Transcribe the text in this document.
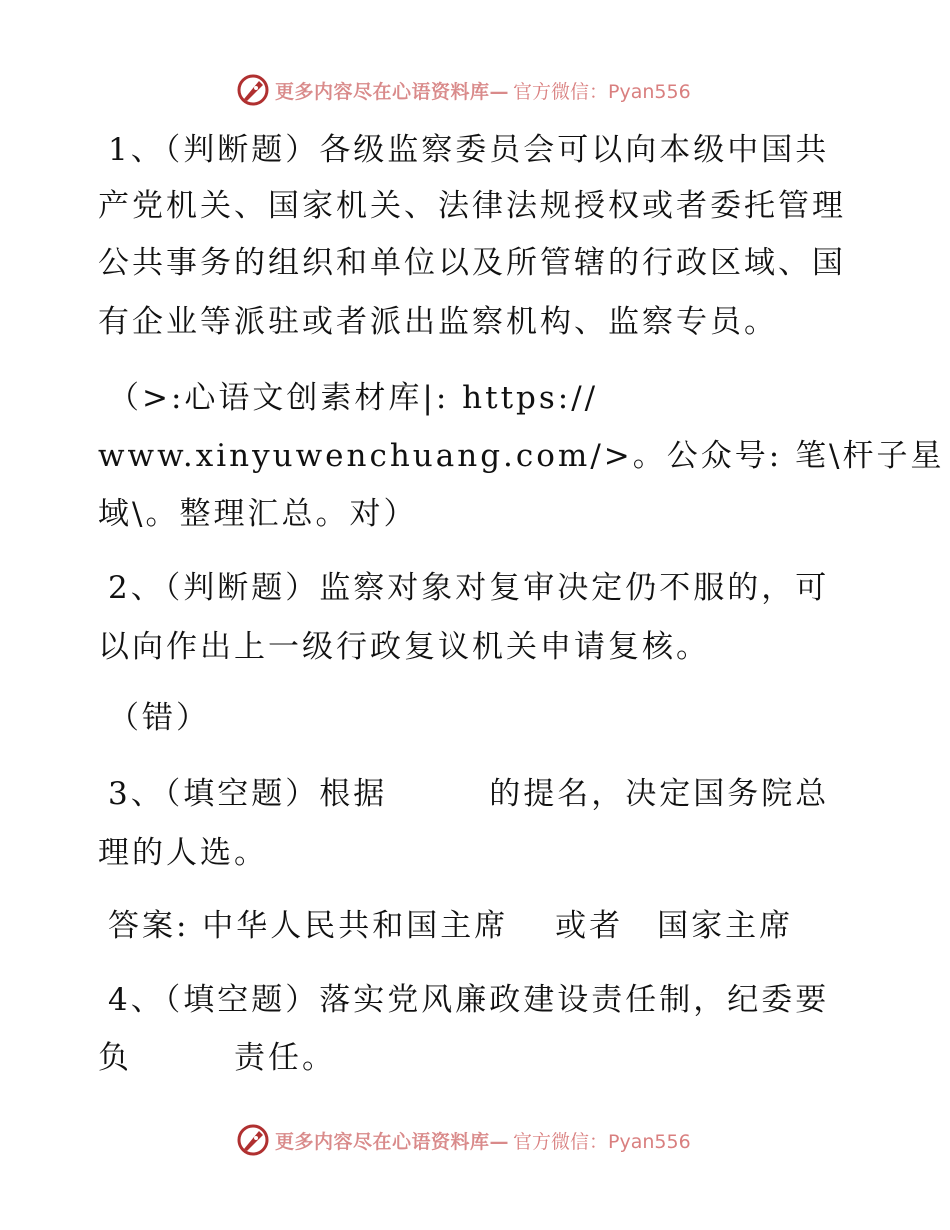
更多内容尽在心语资料库— 官方微信：Pyan556
1、（判断题）各级监察委员会可以向本级中国共
产党机关、国家机关、法律法规授权或者委托管理
公共事务的组织和单位以及所管辖的行政区域、国
有企业等派驻或者派出监察机构、监察专员。
（>:心语文创素材库|: https://
www.xinyuwenchuang.com/>。公众号: 笔\杆子星
域\。整理汇总。对）
2、（判断题）监察对象对复审决定仍不服的，可
以向作出上一级行政复议机关申请复核。
（错）
3、（填空题）根据　　　的提名，决定国务院总
理的人选。
答案: 中华人民共和国主席　 或者　国家主席
4、（填空题）落实党风廉政建设责任制，纪委要
负　　　责任。
更多内容尽在心语资料库— 官方微信：Pyan556
